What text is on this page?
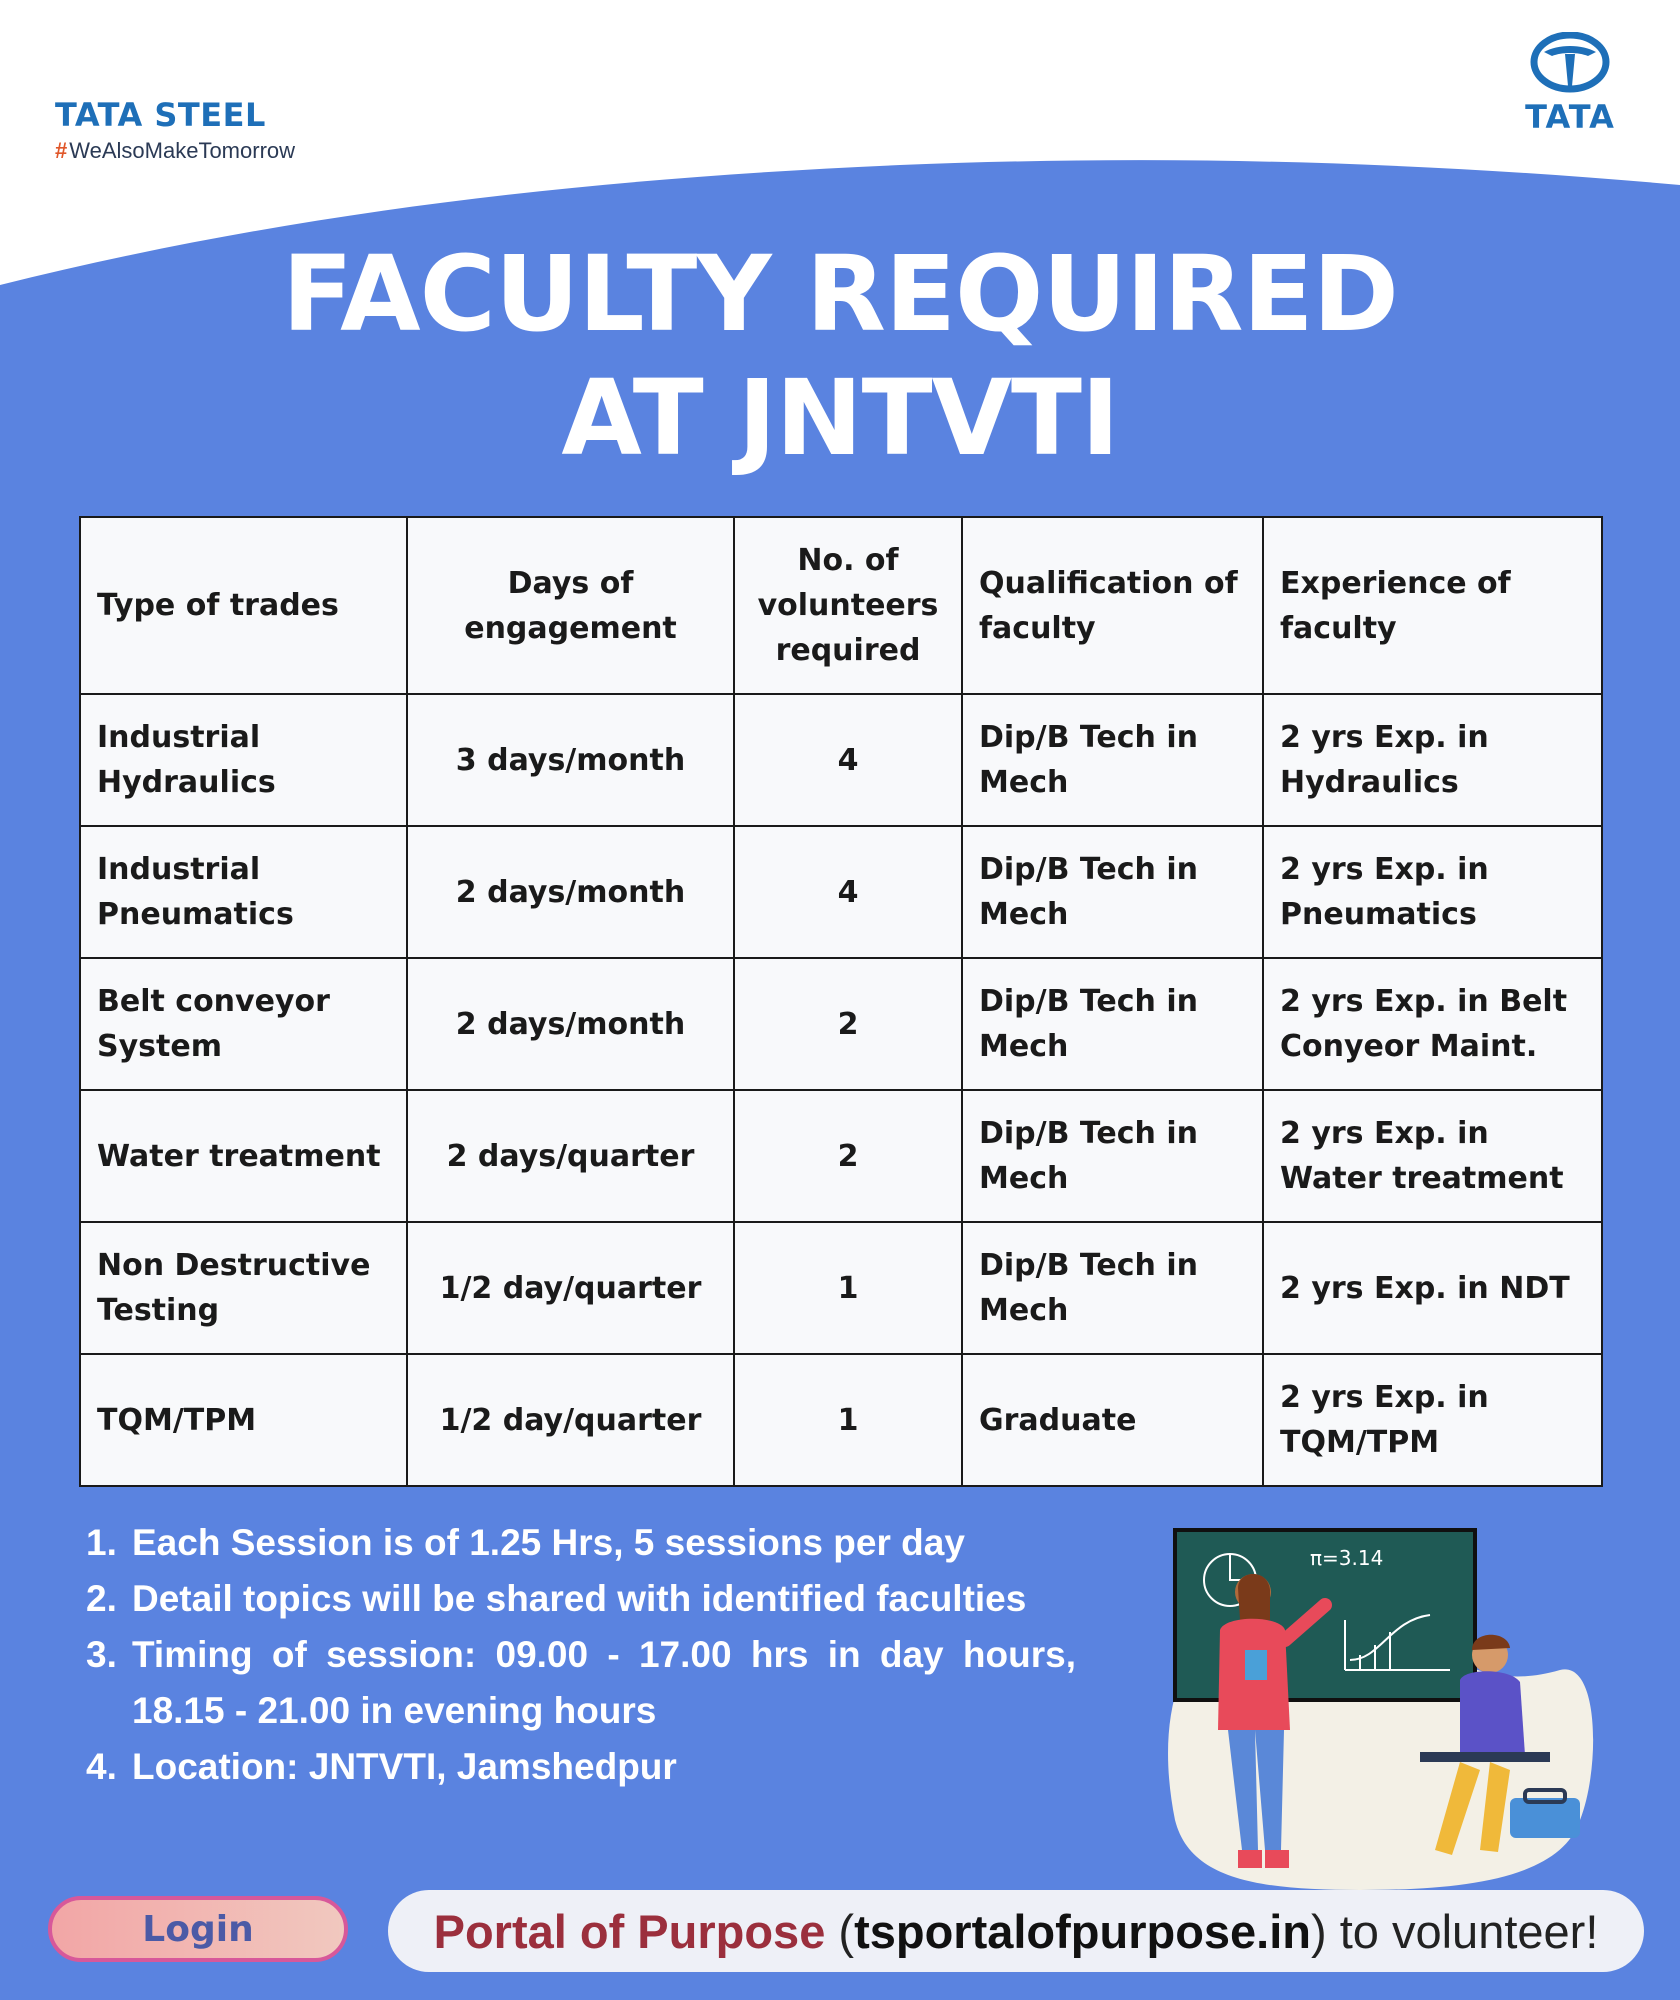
TATA STEEL
# WeAlsoMakeTomorrow
TATA
FACULTY REQUIRED
AT JNTVTI
Type of trades	Days of engagement	No. of volunteers required	Qualification of faculty	Experience of faculty
Industrial Hydraulics	3 days/month	4	Dip/B Tech in Mech	2 yrs Exp. in Hydraulics
Industrial Pneumatics	2 days/month	4	Dip/B Tech in Mech	2 yrs Exp. in Pneumatics
Belt conveyor System	2 days/month	2	Dip/B Tech in Mech	2 yrs Exp. in Belt Conyeor Maint.
Water treatment	2 days/quarter	2	Dip/B Tech in Mech	2 yrs Exp. in Water treatment
Non Destructive Testing	1/2 day/quarter	1	Dip/B Tech in Mech	2 yrs Exp. in NDT
TQM/TPM	1/2 day/quarter	1	Graduate	2 yrs Exp. in TQM/TPM
1. Each Session is of 1.25 Hrs, 5 sessions per day
2. Detail topics will be shared with identified faculties
3. Timing of session: 09.00 - 17.00 hrs in day hours, 18.15 - 21.00 in evening hours
4. Location: JNTVTI, Jamshedpur
π=3.14
Login	Portal of Purpose ( tsportalofpurpose.in ) to volunteer!
